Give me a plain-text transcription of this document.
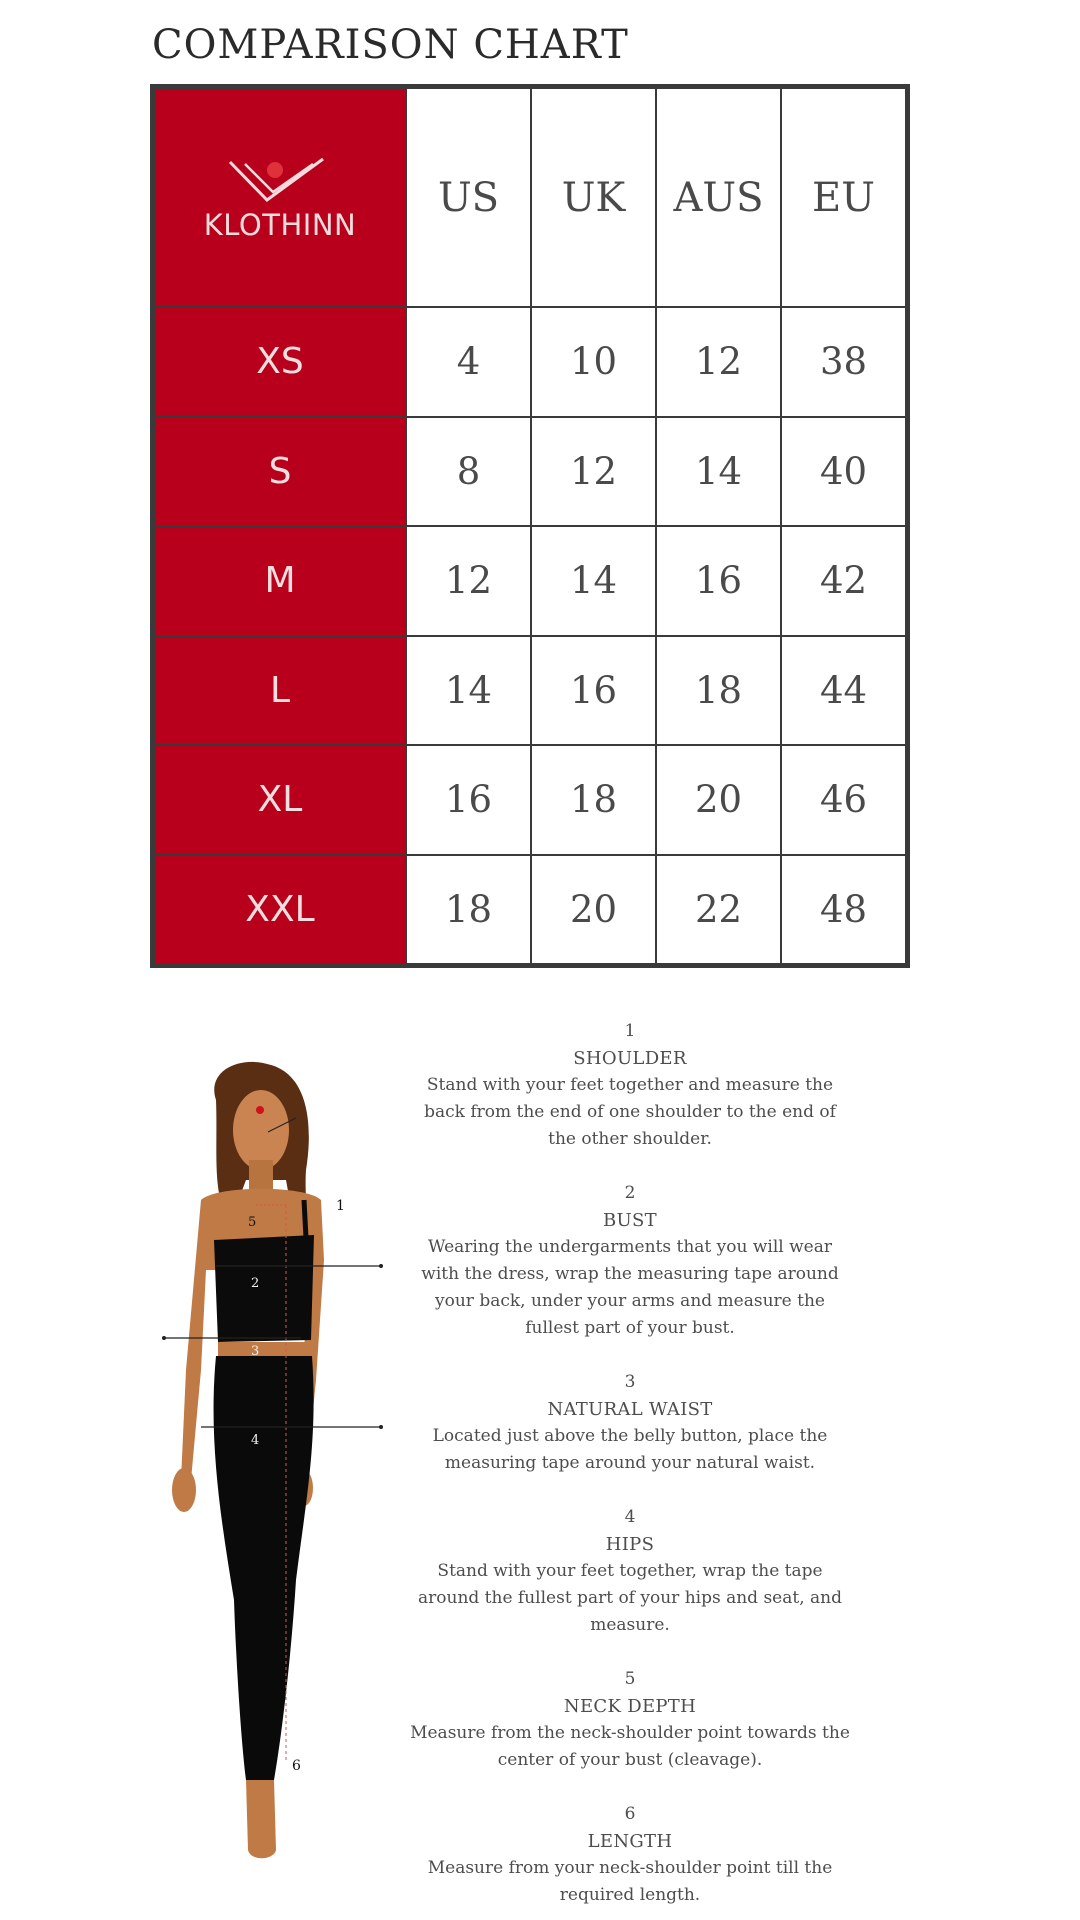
COMPARISON CHART
KLOTHINN	US	UK	AUS	EU
XS	4	10	12	38
S	8	12	14	40
M	12	14	16	42
L	14	16	18	44
XL	16	18	20	46
XXL	18	20	22	48
1
2
3
4
5
6
1
SHOULDER
Stand with your feet together and measure the back from the end of one shoulder to the end of the other shoulder.
2
BUST
Wearing the undergarments that you will wear with the dress, wrap the measuring tape around your back, under your arms and measure the fullest part of your bust.
3
NATURAL WAIST
Located just above the belly button, place the measuring tape around your natural waist.
4
HIPS
Stand with your feet together, wrap the tape around the fullest part of your hips and seat, and measure.
5
NECK DEPTH
Measure from the neck-shoulder point towards the center of your bust (cleavage).
6
LENGTH
Measure from your neck-shoulder point till the required length.
